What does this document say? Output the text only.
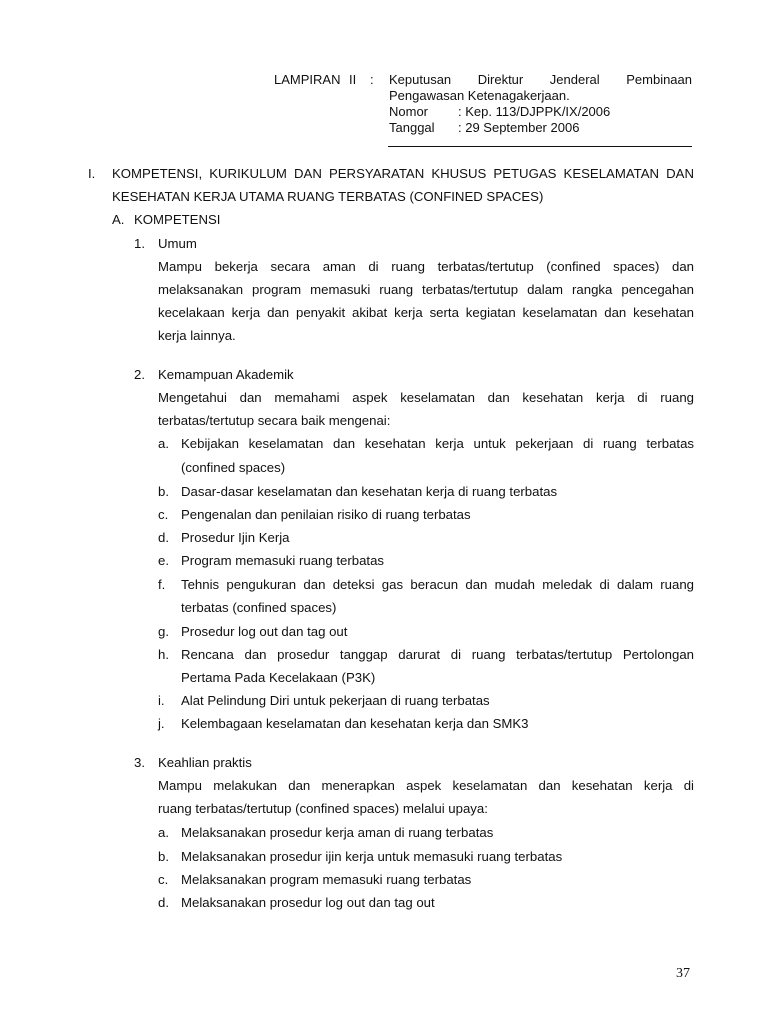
LAMPIRAN II : Keputusan Direktur Jenderal Pembinaan
Pengawasan Ketenagakerjaan.
Nomor : Kep. 113/DJPPK/IX/2006
Tanggal : 29 September 2006
I. KOMPETENSI, KURIKULUM DAN PERSYARATAN KHUSUS PETUGAS KESELAMATAN DAN
KESEHATAN KERJA UTAMA RUANG TERBATAS (CONFINED SPACES)
A. KOMPETENSI
1. Umum
Mampu bekerja secara aman di ruang terbatas/tertutup (confined spaces) dan
melaksanakan program memasuki ruang terbatas/tertutup dalam rangka pencegahan
kecelakaan kerja dan penyakit akibat kerja serta kegiatan keselamatan dan kesehatan
kerja lainnya.
2. Kemampuan Akademik
Mengetahui dan memahami aspek keselamatan dan kesehatan kerja di ruang
terbatas/tertutup secara baik mengenai:
a. Kebijakan keselamatan dan kesehatan kerja untuk pekerjaan di ruang terbatas
(confined spaces)
b. Dasar-dasar keselamatan dan kesehatan kerja di ruang terbatas
c. Pengenalan dan penilaian risiko di ruang terbatas
d. Prosedur Ijin Kerja
e. Program memasuki ruang terbatas
f. Tehnis pengukuran dan deteksi gas beracun dan mudah meledak di dalam ruang
terbatas (confined spaces)
g. Prosedur log out dan tag out
h. Rencana dan prosedur tanggap darurat di ruang terbatas/tertutup Pertolongan
Pertama Pada Kecelakaan (P3K)
i. Alat Pelindung Diri untuk pekerjaan di ruang terbatas
j. Kelembagaan keselamatan dan kesehatan kerja dan SMK3
3. Keahlian praktis
Mampu melakukan dan menerapkan aspek keselamatan dan kesehatan kerja di
ruang terbatas/tertutup (confined spaces) melalui upaya:
a. Melaksanakan prosedur kerja aman di ruang terbatas
b. Melaksanakan prosedur ijin kerja untuk memasuki ruang terbatas
c. Melaksanakan program memasuki ruang terbatas
d. Melaksanakan prosedur log out dan tag out
37
